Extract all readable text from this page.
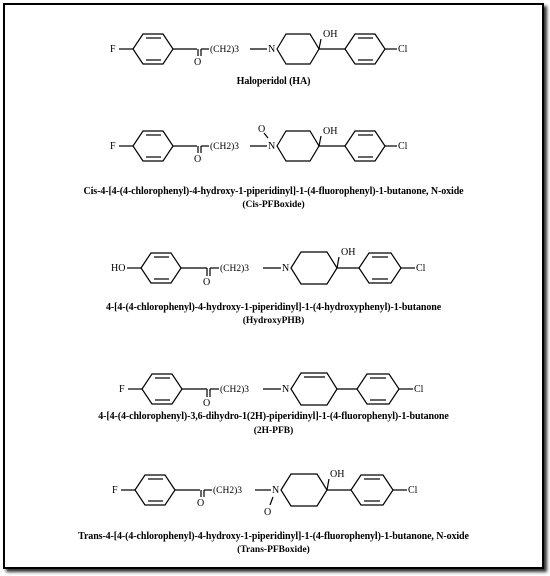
F
O
(CH2)3	N
OH
Cl
Haloperidol (HA)
F
O
(CH2)3	N
O	OH
Cl
Cis-4-[4-(4-chlorophenyl)-4-hydroxy-1-piperidinyl]-1-(4-fluorophenyl)-1-butanone, N-oxide
(Cis-PFBoxide)
HO
O
(CH2)3	N
OH
Cl
4-[4-(4-chlorophenyl)-4-hydroxy-1-piperidinyl]-1-(4-hydroxyphenyl)-1-butanone
(HydroxyPHB)
F
O
(CH2)3	N	Cl
4-[4-(4-chlorophenyl)-3,6-dihydro-1(2H)-piperidinyl]-1-(4-fluorophenyl)-1-butanone
(2H-PFB)
F
O
(CH2)3	N
O
OH
Cl
Trans-4-[4-(4-chlorophenyl)-4-hydroxy-1-piperidinyl]-1-(4-fluorophenyl)-1-butanone, N-oxide
(Trans-PFBoxide)
